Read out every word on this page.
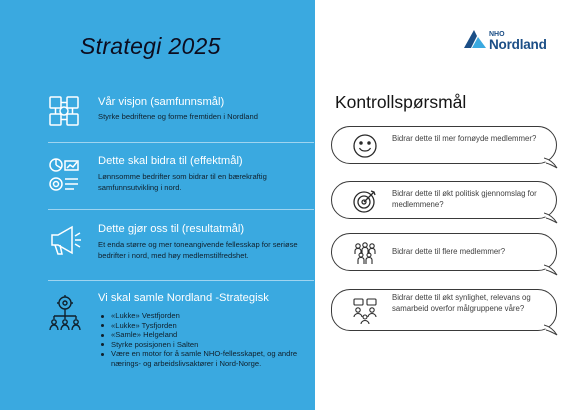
Strategi 2025
Vår visjon (samfunnsmål)
Styrke bedriftene og forme fremtiden i Nordland
Dette skal bidra til (effektmål)
Lønnsomme bedrifter som bidrar til en bærekraftig samfunnsutvikling i nord.
Dette gjør oss til (resultatmål)
Et enda større og mer toneangivende fellesskap for seriøse bedrifter i nord, med høy medlemstilfredshet.
Vi skal samle Nordland -Strategisk
«Lukke» Vestfjorden
«Lukke» Tysfjorden
«Samle» Helgeland
Styrke posisjonen i Salten
Være en motor for å samle NHO-fellesskapet, og andre nærings- og arbeidslivsaktører i Nord-Norge.
NHO
Nordland
Kontrollspørsmål
Bidrar dette til mer fornøyde medlemmer?
Bidrar dette til økt politisk gjennomslag for medlemmene?
Bidrar dette til flere medlemmer?
Bidrar dette til økt synlighet, relevans og samarbeid overfor målgruppene våre?
